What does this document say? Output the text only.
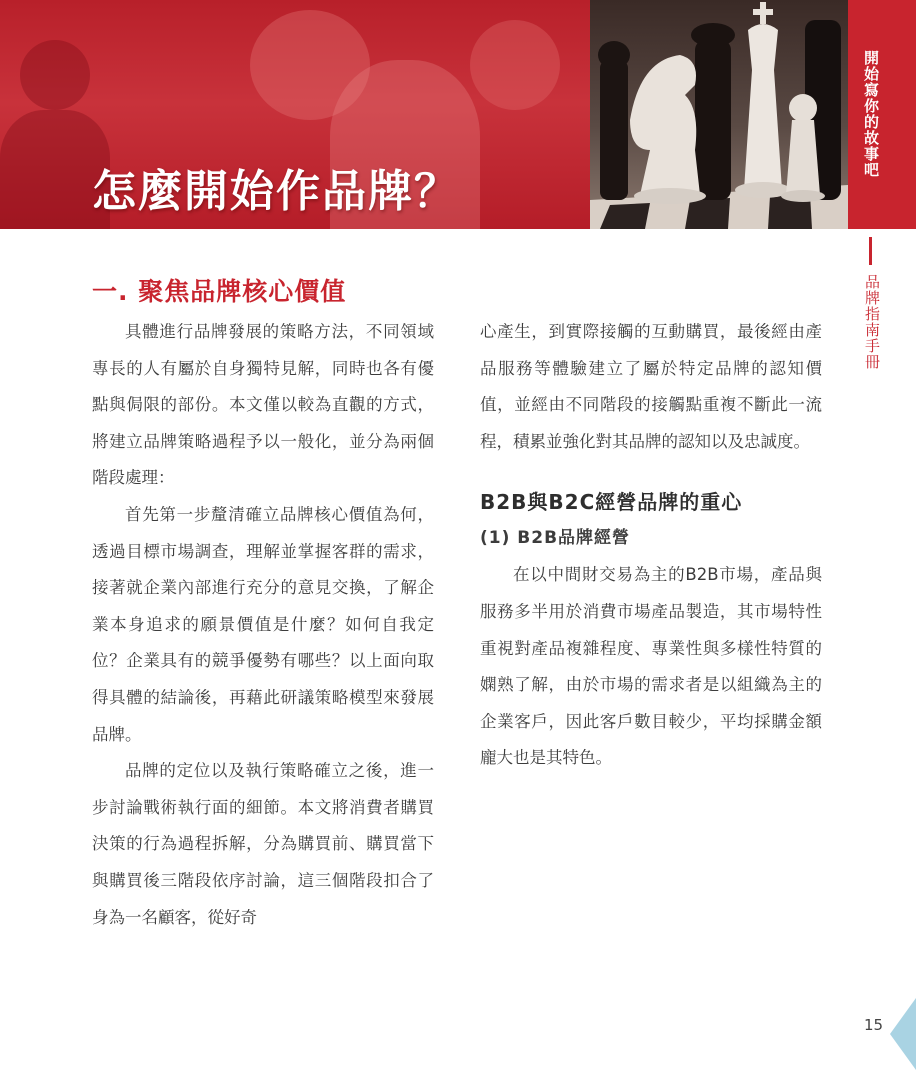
怎麼開始作品牌？
開始寫你的故事吧
品牌指南手冊
一. 聚焦品牌核心價值

具體進行品牌發展的策略方法，不同領域專長的人有屬於自身獨特見解，同時也各有優點與侷限的部份。本文僅以較為直觀的方式，將建立品牌策略過程予以一般化，並分為兩個階段處理：

首先第一步釐清確立品牌核心價值為何，透過目標市場調查，理解並掌握客群的需求，接著就企業內部進行充分的意見交換，了解企業本身追求的願景價值是什麼？如何自我定位？企業具有的競爭優勢有哪些？以上面向取得具體的結論後，再藉此研議策略模型來發展品牌。

品牌的定位以及執行策略確立之後，進一步討論戰術執行面的細節。本文將消費者購買決策的行為過程拆解，分為購買前、購買當下與購買後三階段依序討論，這三個階段扣合了身為一名顧客，從好奇

心產生，到實際接觸的互動購買，最後經由產品服務等體驗建立了屬於特定品牌的認知價值，並經由不同階段的接觸點重複不斷此一流程，積累並強化對其品牌的認知以及忠誠度。

B2B與B2C經營品牌的重心
(1) B2B品牌經營

在以中間財交易為主的B2B市場，產品與服務多半用於消費市場產品製造，其市場特性重視對產品複雜程度、專業性與多樣性特質的嫻熟了解，由於市場的需求者是以組織為主的企業客戶，因此客戶數目較少，平均採購金額龐大也是其特色。

15
